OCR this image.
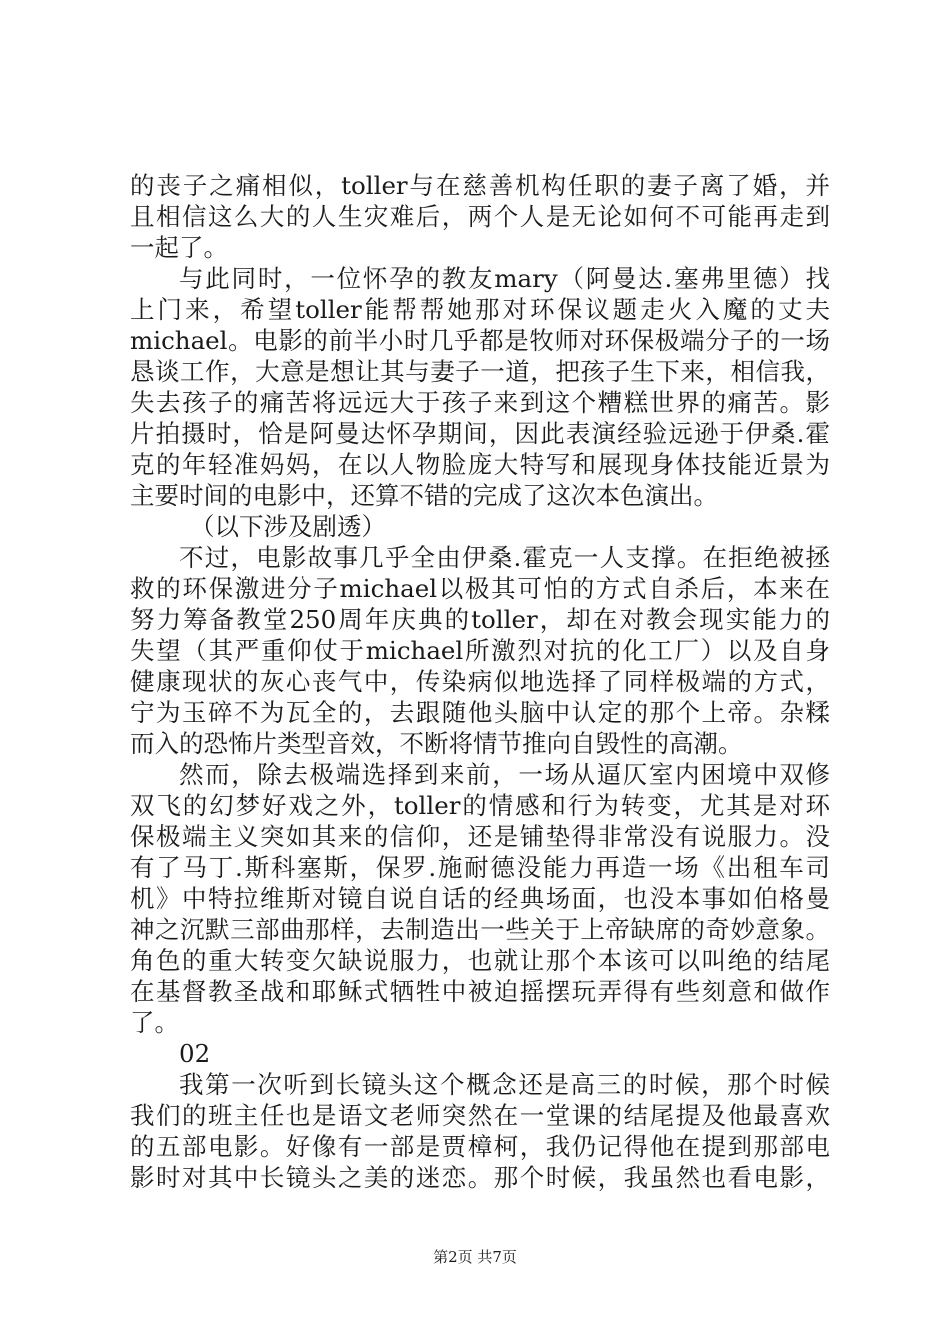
的丧子之痛相似，toller与在慈善机构任职的妻子离了婚，并
且相信这么大的人生灾难后，两个人是无论如何不可能再走到
一起了。
与此同时，一位怀孕的教友mary（阿曼达.塞弗里德）找
上门来，希望toller能帮帮她那对环保议题走火入魔的丈夫
michael。电影的前半小时几乎都是牧师对环保极端分子的一场
恳谈工作，大意是想让其与妻子一道，把孩子生下来，相信我，
失去孩子的痛苦将远远大于孩子来到这个糟糕世界的痛苦。影
片拍摄时，恰是阿曼达怀孕期间，因此表演经验远逊于伊桑.霍
克的年轻准妈妈，在以人物脸庞大特写和展现身体技能近景为
主要时间的电影中，还算不错的完成了这次本色演出。
（以下涉及剧透）
不过，电影故事几乎全由伊桑.霍克一人支撑。在拒绝被拯
救的环保激进分子michael以极其可怕的方式自杀后，本来在
努力筹备教堂250周年庆典的toller，却在对教会现实能力的
失望（其严重仰仗于michael所激烈对抗的化工厂）以及自身
健康现状的灰心丧气中，传染病似地选择了同样极端的方式，
宁为玉碎不为瓦全的，去跟随他头脑中认定的那个上帝。杂糅
而入的恐怖片类型音效，不断将情节推向自毁性的高潮。
然而，除去极端选择到来前，一场从逼仄室内困境中双修
双飞的幻梦好戏之外，toller的情感和行为转变，尤其是对环
保极端主义突如其来的信仰，还是铺垫得非常没有说服力。没
有了马丁.斯科塞斯，保罗.施耐德没能力再造一场《出租车司
机》中特拉维斯对镜自说自话的经典场面，也没本事如伯格曼
神之沉默三部曲那样，去制造出一些关于上帝缺席的奇妙意象。
角色的重大转变欠缺说服力，也就让那个本该可以叫绝的结尾
在基督教圣战和耶稣式牺牲中被迫摇摆玩弄得有些刻意和做作
了。
02
我第一次听到长镜头这个概念还是高三的时候，那个时候
我们的班主任也是语文老师突然在一堂课的结尾提及他最喜欢
的五部电影。好像有一部是贾樟柯，我仍记得他在提到那部电
影时对其中长镜头之美的迷恋。那个时候，我虽然也看电影，
第2页 共7页
